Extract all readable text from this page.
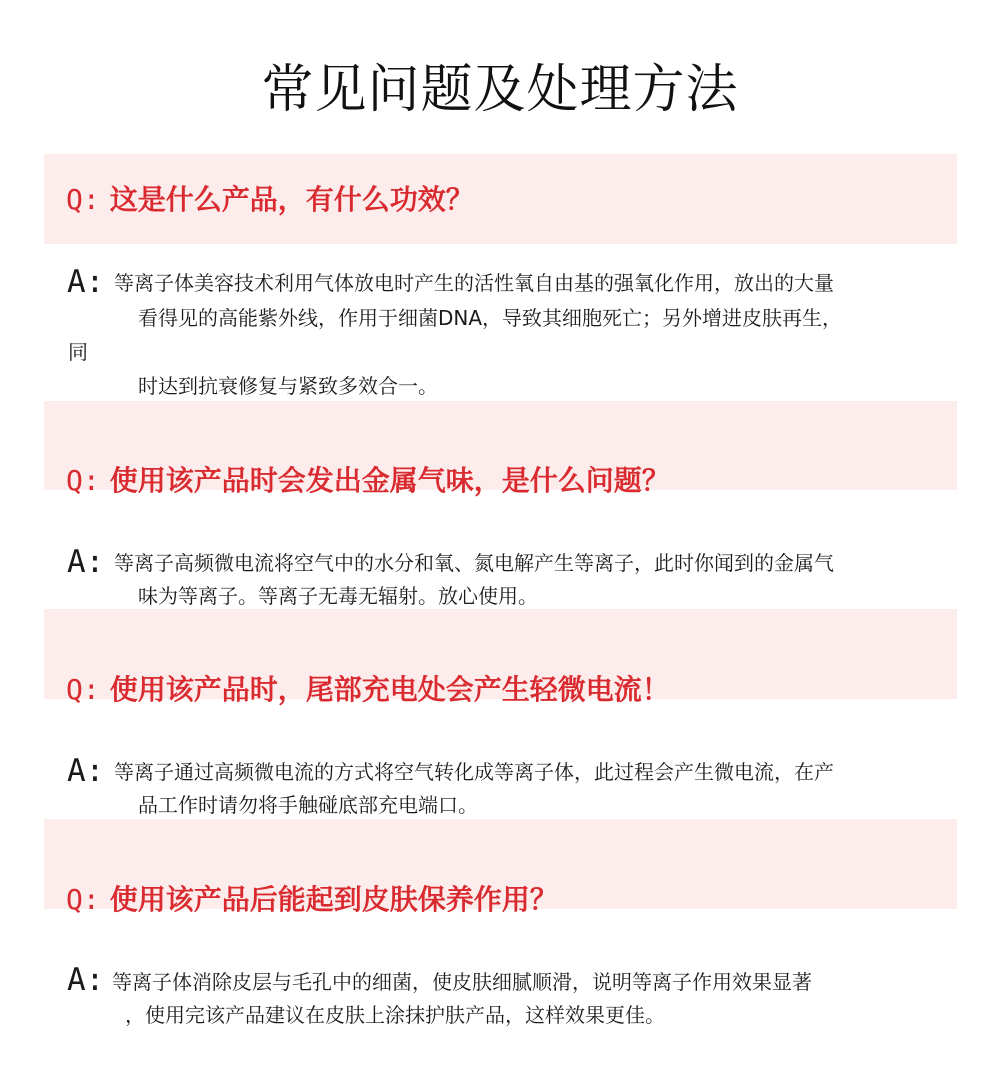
常见问题及处理方法
Q: 这是什么产品，有什么功效？
A: 等离子体美容技术利用气体放电时产生的活性氧自由基的强氧化作用，放出的大量
看得见的高能紫外线，作用于细菌DNA，导致其细胞死亡；另外增进皮肤再生，
同
时达到抗衰修复与紧致多效合一。
Q: 使用该产品时会发出金属气味，是什么问题？
A: 等离子高频微电流将空气中的水分和氧、氮电解产生等离子，此时你闻到的金属气
味为等离子。等离子无毒无辐射。放心使用。
Q: 使用该产品时，尾部充电处会产生轻微电流！
A: 等离子通过高频微电流的方式将空气转化成等离子体，此过程会产生微电流，在产
品工作时请勿将手触碰底部充电端口。
Q: 使用该产品后能起到皮肤保养作用？
A: 等离子体消除皮层与毛孔中的细菌，使皮肤细腻顺滑，说明等离子作用效果显著
，使用完该产品建议在皮肤上涂抹护肤产品，这样效果更佳。
